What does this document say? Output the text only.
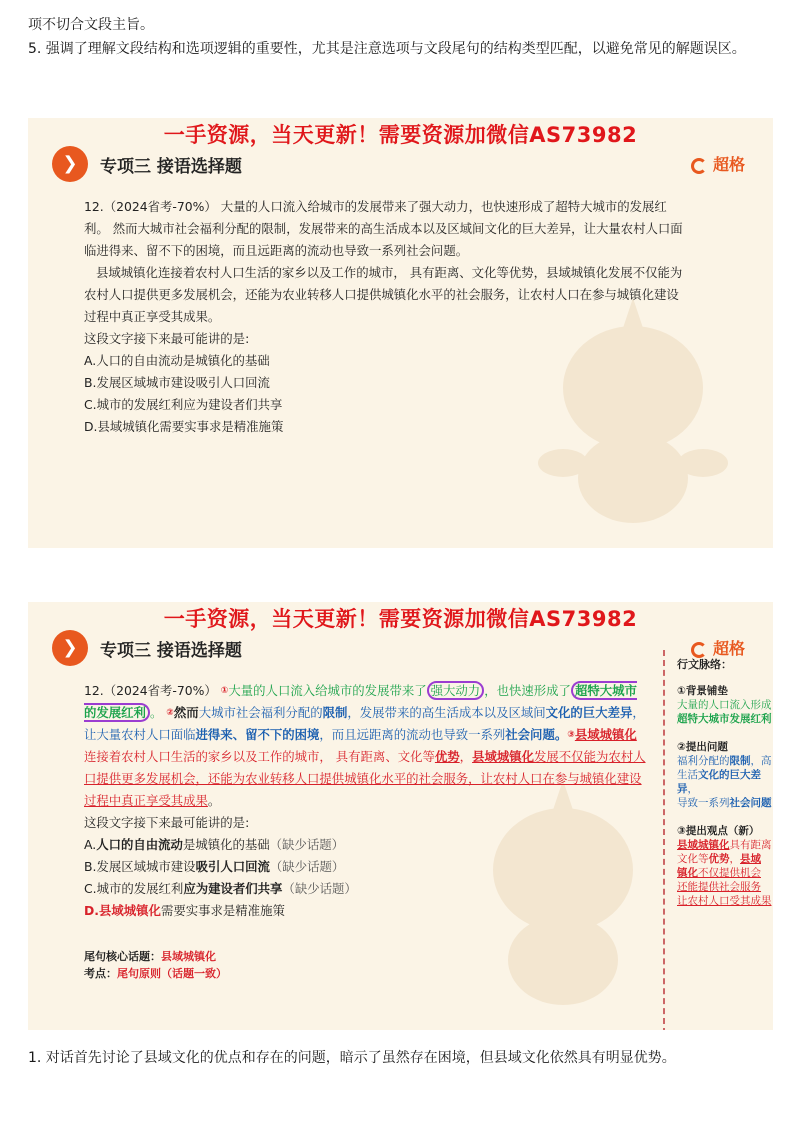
项不切合文段主旨。

5. 强调了理解文段结构和选项逻辑的重要性，尤其是注意选项与文段尾句的结构类型匹配，以避免常见的解题误区。

一手资源，当天更新！需要资源加微信AS73982
❯	专项三 接语选择题	超格

12.（2024省考-70%） 大量的人口流入给城市的发展带来了强大动力，也快速形成了超特大城市的发展红利。 然而大城市社会福利分配的限制，发展带来的高生活成本以及区域间文化的巨大差异，让大量农村人口面临进得来、留不下的困境，而且远距离的流动也导致一系列社会问题。

县域城镇化连接着农村人口生活的家乡以及工作的城市， 具有距离、文化等优势，县域城镇化发展不仅能为农村人口提供更多发展机会，还能为农业转移人口提供城镇化水平的社会服务，让农村人口在参与城镇化建设过程中真正享受其成果。

这段文字接下来最可能讲的是:

A.人口的自由流动是城镇化的基础

B.发展区域城市建设吸引人口回流

C.城市的发展红利应为建设者们共享

D.县域城镇化需要实事求是精准施策

一手资源，当天更新！需要资源加微信AS73982
❯	专项三 接语选择题	超格

12.（2024省考-70%） ①大量的人口流入给城市的发展带来了 强大动力 ，也快速形成了 超特大城市的发展红利 。 ②然而大城市社会福利分配的限制，发展带来的高生活成本以及区域间文化的巨大差异，让大量农村人口面临进得来、留不下的困境，而且远距离的流动也导致一系列社会问题。③县域城镇化连接着农村人口生活的家乡以及工作的城市， 具有距离、文化等优势，县域城镇化发展不仅能为农村人口提供更多发展机会，还能为农业转移人口提供城镇化水平的社会服务，让农村人口在参与城镇化建设过程中真正享受其成果。

这段文字接下来最可能讲的是:

A.人口的自由流动是城镇化的基础（缺少话题）

B.发展区域城市建设吸引人口回流（缺少话题）

C.城市的发展红利应为建设者们共享（缺少话题）

D.县域城镇化需要实事求是精准施策

尾句核心话题：县域城镇化
考点：尾句原则（话题一致）
行文脉络：
①背景铺垫
大量的人口流入形成
超特大城市发展红利
②提出问题
福利分配的限制，高
生活文化的巨大差异，
导致一系列社会问题
③提出观点（新）
县域城镇化具有距离
文化等优势，县域
镇化不仅提供机会
还能提供社会服务
让农村人口受其成果

1. 对话首先讨论了县域文化的优点和存在的问题，暗示了虽然存在困境，但县域文化依然具有明显优势。
